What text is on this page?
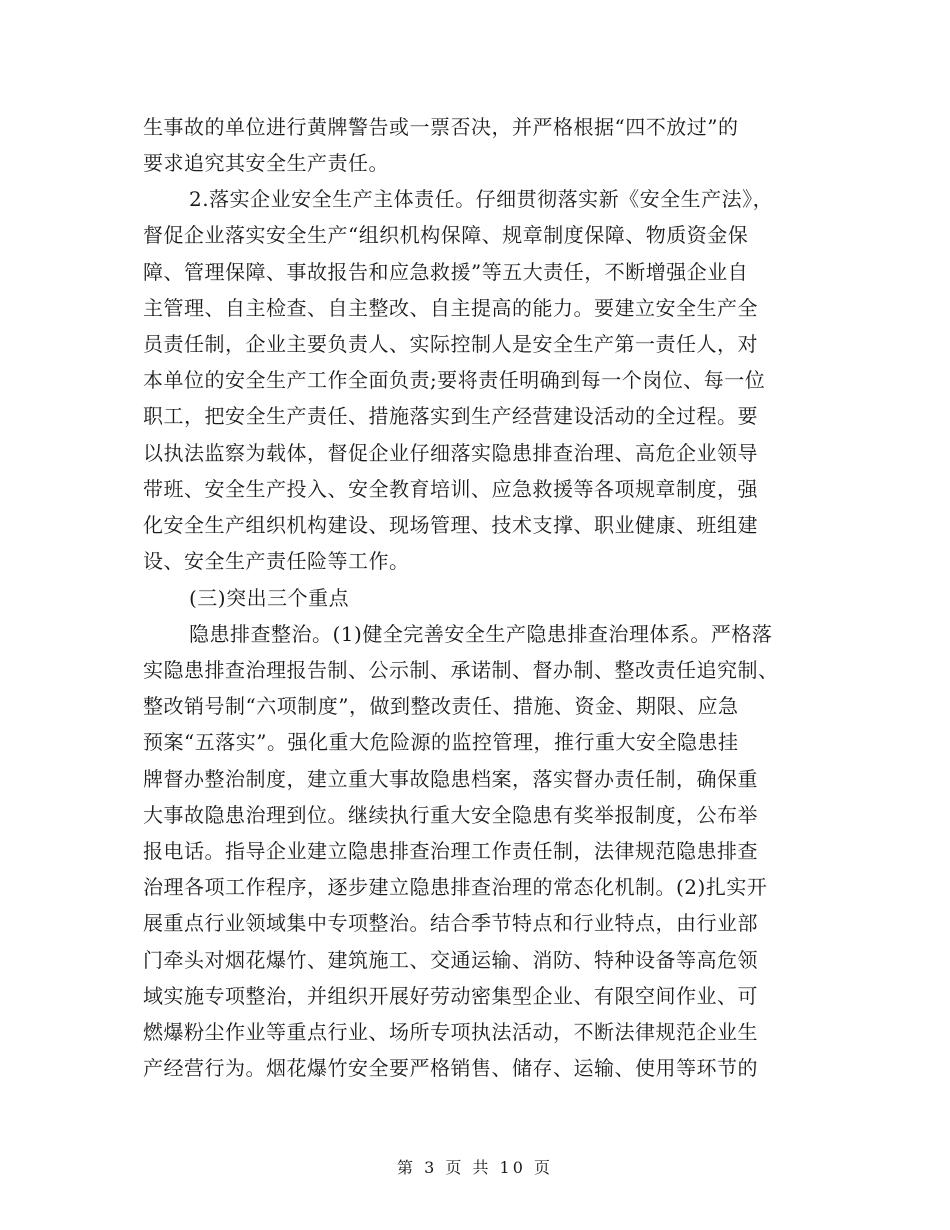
生事故的单位进行黄牌警告或一票否决，并严格根据“四不放过”的
要求追究其安全生产责任。
2.落实企业安全生产主体责任。仔细贯彻落实新《安全生产法》，
督促企业落实安全生产“组织机构保障、规章制度保障、物质资金保
障、管理保障、事故报告和应急救援”等五大责任，不断增强企业自
主管理、自主检查、自主整改、自主提高的能力。要建立安全生产全
员责任制，企业主要负责人、实际控制人是安全生产第一责任人，对
本单位的安全生产工作全面负责;要将责任明确到每一个岗位、每一位
职工，把安全生产责任、措施落实到生产经营建设活动的全过程。要
以执法监察为载体，督促企业仔细落实隐患排查治理、高危企业领导
带班、安全生产投入、安全教育培训、应急救援等各项规章制度，强
化安全生产组织机构建设、现场管理、技术支撑、职业健康、班组建
设、安全生产责任险等工作。
(三)突出三个重点
隐患排查整治。(1)健全完善安全生产隐患排查治理体系。严格落
实隐患排查治理报告制、公示制、承诺制、督办制、整改责任追究制、
整改销号制“六项制度”，做到整改责任、措施、资金、期限、应急
预案“五落实”。强化重大危险源的监控管理，推行重大安全隐患挂
牌督办整治制度，建立重大事故隐患档案，落实督办责任制，确保重
大事故隐患治理到位。继续执行重大安全隐患有奖举报制度，公布举
报电话。指导企业建立隐患排查治理工作责任制，法律规范隐患排查
治理各项工作程序，逐步建立隐患排查治理的常态化机制。(2)扎实开
展重点行业领域集中专项整治。结合季节特点和行业特点，由行业部
门牵头对烟花爆竹、建筑施工、交通运输、消防、特种设备等高危领
域实施专项整治，并组织开展好劳动密集型企业、有限空间作业、可
燃爆粉尘作业等重点行业、场所专项执法活动，不断法律规范企业生
产经营行为。烟花爆竹安全要严格销售、储存、运输、使用等环节的
第 3 页 共 10 页
